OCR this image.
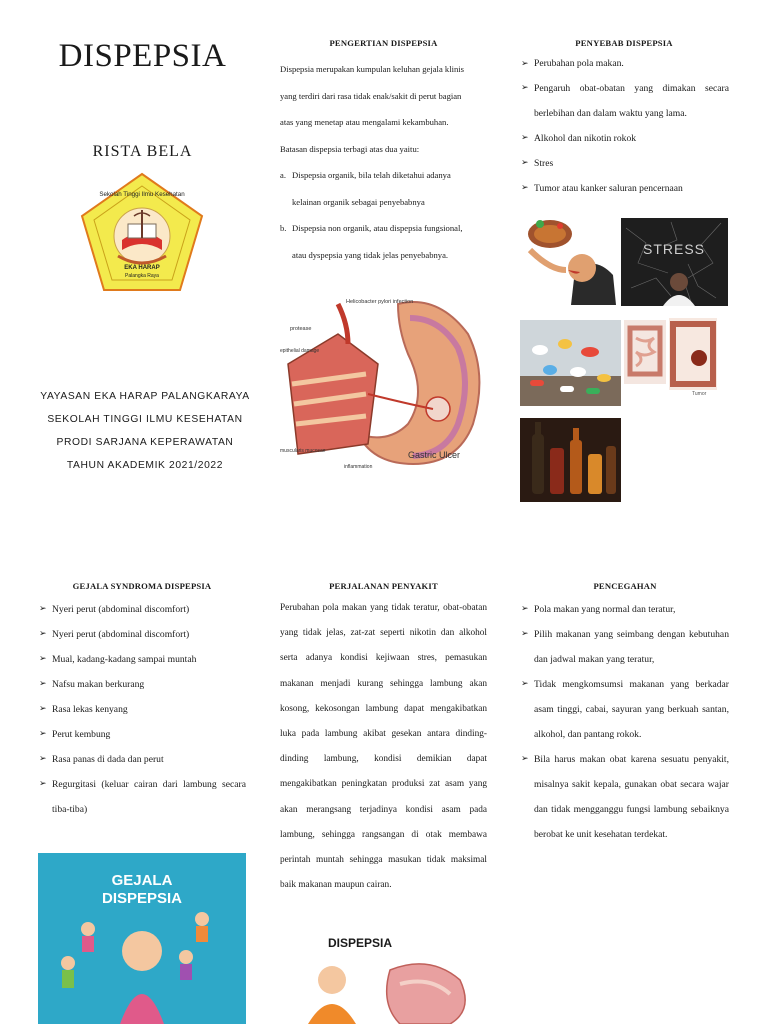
DISPEPSIA
RISTA BELA
Sekolah Tinggi Ilmu Kesehatan
EKA HARAP
Palangka Raya
YAYASAN EKA HARAP PALANGKARAYA
SEKOLAH TINGGI ILMU KESEHATAN
PRODI SARJANA KEPERAWATAN
TAHUN AKADEMIK 2021/2022
PENGERTIAN DISPEPSIA

Dispepsia merupakan kumpulan keluhan gejala klinis

yang terdiri dari rasa tidak enak/sakit di perut bagian

atas yang menetap atau mengalami kekambuhan.

Batasan dispepsia terbagi atas dua yaitu:

a. Dispepsia organik, bila telah diketahui adanya

kelainan organik sebagai penyebabnya

b. Dispepsia non organik, atau dispepsia fungsional,

atau dyspepsia yang tidak jelas penyebabnya.

Helicobacter pylori infection
protease
epithelial damage
muscularis mucosae
inflammation
Gastric Ulcer
PENYEBAB DISPEPSIA
➢ Perubahan pola makan.
➢ Pengaruh obat-obatan yang dimakan secara berlebihan dan dalam waktu yang lama.
➢ Alkohol dan nikotin rokok
➢ Stres
➢ Tumor atau kanker saluran pencernaan
STRESS
Tumor
GEJALA SYNDROMA DISPEPSIA
➢ Nyeri perut (abdominal discomfort)
➢ Nyeri perut (abdominal discomfort)
➢ Mual, kadang-kadang sampai muntah
➢ Nafsu makan berkurang
➢ Rasa lekas kenyang
➢ Perut kembung
➢ Rasa panas di dada dan perut
➢ Regurgitasi (keluar cairan dari lambung secara tiba-tiba)
GEJALA
DISPEPSIA
PERJALANAN PENYAKIT
Perubahan pola makan yang tidak teratur, obat-obatan yang tidak jelas, zat-zat seperti nikotin dan alkohol serta adanya kondisi kejiwaan stres, pemasukan makanan menjadi kurang sehingga lambung akan kosong, kekosongan lambung dapat mengakibatkan luka pada lambung akibat gesekan antara dinding-dinding lambung, kondisi demikian dapat mengakibatkan peningkatan produksi zat asam yang akan merangsang terjadinya kondisi asam pada lambung, sehingga rangsangan di otak membawa perintah muntah sehingga masukan tidak maksimal baik makanan maupun cairan.
DISPEPSIA
PENCEGAHAN
➢ Pola makan yang normal dan teratur,
➢ Pilih makanan yang seimbang dengan kebutuhan dan jadwal makan yang teratur,
➢ Tidak mengkomsumsi makanan yang berkadar asam tinggi, cabai, sayuran yang berkuah santan, alkohol, dan pantang rokok.
➢ Bila harus makan obat karena sesuatu penyakit, misalnya sakit kepala, gunakan obat secara wajar dan tidak mengganggu fungsi lambung sebaiknya berobat ke unit kesehatan terdekat.
